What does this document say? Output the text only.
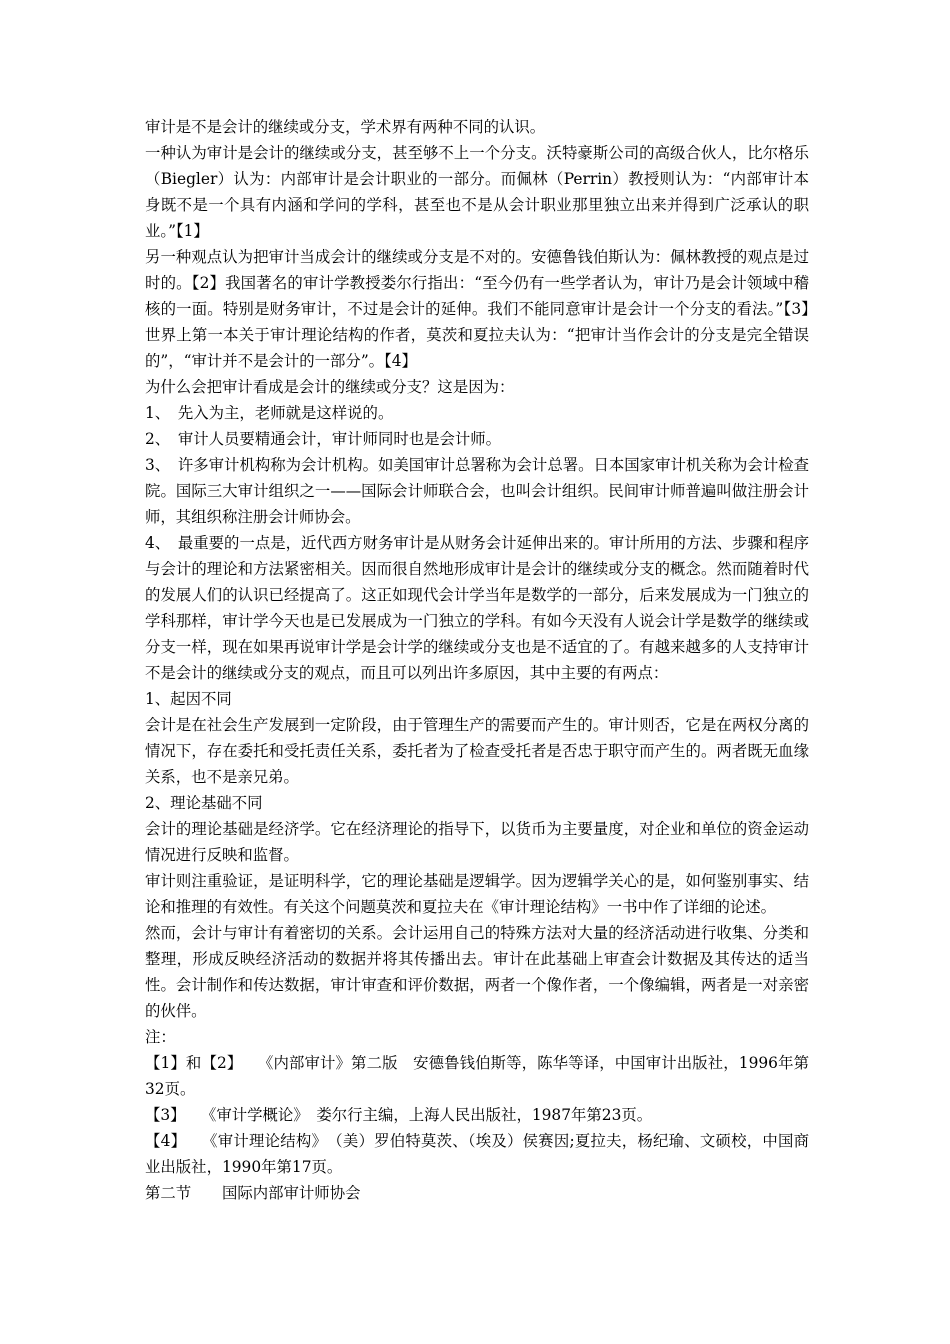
审计是不是会计的继续或分支，学术界有两种不同的认识。

一种认为审计是会计的继续或分支，甚至够不上一个分支。沃特豪斯公司的高级合伙人，比尔格乐（Biegler）认为：内部审计是会计职业的一部分。而佩林（Perrin）教授则认为：“内部审计本身既不是一个具有内涵和学问的学科，甚至也不是从会计职业那里独立出来并得到广泛承认的职业。”【1】

另一种观点认为把审计当成会计的继续或分支是不对的。安德鲁钱伯斯认为：佩林教授的观点是过时的。【2】我国著名的审计学教授娄尔行指出：“至今仍有一些学者认为，审计乃是会计领域中稽核的一面。特别是财务审计，不过是会计的延伸。我们不能同意审计是会计一个分支的看法。”【3】世界上第一本关于审计理论结构的作者，莫茨和夏拉夫认为：“把审计当作会计的分支是完全错误的”，“审计并不是会计的一部分”。【4】

为什么会把审计看成是会计的继续或分支？这是因为：

1、　先入为主，老师就是这样说的。

2、　审计人员要精通会计，审计师同时也是会计师。

3、　许多审计机构称为会计机构。如美国审计总署称为会计总署。日本国家审计机关称为会计检查院。国际三大审计组织之一——国际会计师联合会，也叫会计组织。民间审计师普遍叫做注册会计师，其组织称注册会计师协会。

4、　最重要的一点是，近代西方财务审计是从财务会计延伸出来的。审计所用的方法、步骤和程序与会计的理论和方法紧密相关。因而很自然地形成审计是会计的继续或分支的概念。然而随着时代的发展人们的认识已经提高了。这正如现代会计学当年是数学的一部分，后来发展成为一门独立的学科那样，审计学今天也是已发展成为一门独立的学科。有如今天没有人说会计学是数学的继续或分支一样，现在如果再说审计学是会计学的继续或分支也是不适宜的了。有越来越多的人支持审计不是会计的继续或分支的观点，而且可以列出许多原因，其中主要的有两点：

1、起因不同

会计是在社会生产发展到一定阶段，由于管理生产的需要而产生的。审计则否，它是在两权分离的情况下，存在委托和受托责任关系，委托者为了检查受托者是否忠于职守而产生的。两者既无血缘关系，也不是亲兄弟。

2、理论基础不同

会计的理论基础是经济学。它在经济理论的指导下，以货币为主要量度，对企业和单位的资金运动情况进行反映和监督。

审计则注重验证，是证明科学，它的理论基础是逻辑学。因为逻辑学关心的是，如何鉴别事实、结论和推理的有效性。有关这个问题莫茨和夏拉夫在《审计理论结构》一书中作了详细的论述。

然而，会计与审计有着密切的关系。会计运用自己的特殊方法对大量的经济活动进行收集、分类和整理，形成反映经济活动的数据并将其传播出去。审计在此基础上审查会计数据及其传达的适当性。会计制作和传达数据，审计审查和评价数据，两者一个像作者，一个像编辑，两者是一对亲密的伙伴。

注：

【1】和【2】　　《内部审计》第二版　安德鲁钱伯斯等，陈华等译，中国审计出版社，1996年第32页。

【3】　　《审计学概论》　娄尔行主编，上海人民出版社，1987年第23页。

【4】　　《审计理论结构》　（美）罗伯特莫茨、（埃及）侯赛因;夏拉夫，杨纪瑜、文硕校，中国商业出版社，1990年第17页。

第二节　　国际内部审计师协会
